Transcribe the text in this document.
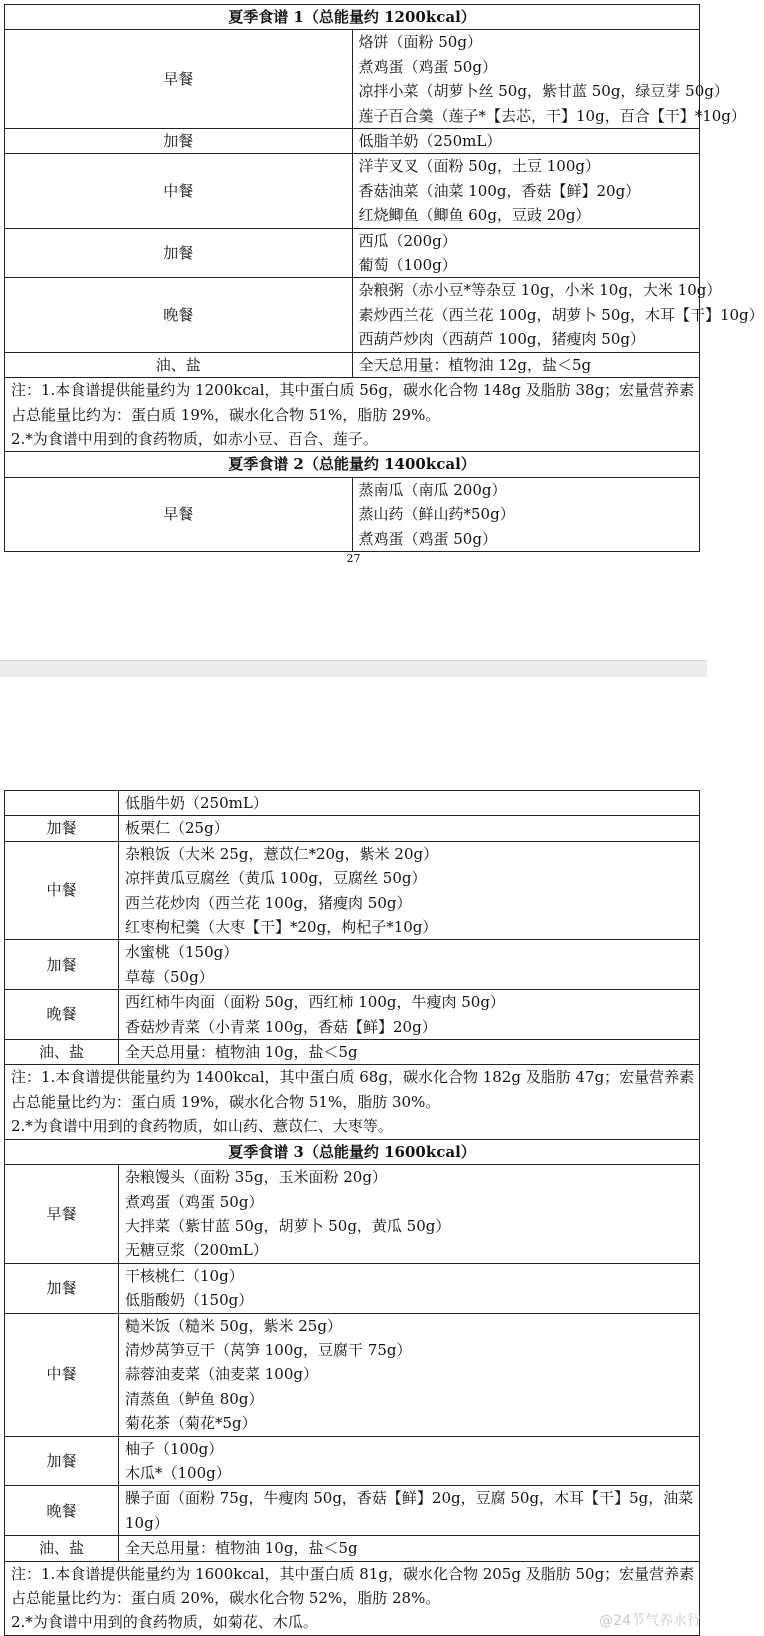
夏季食谱 1（总能量约 1200kcal）	
早餐	烙饼（面粉 50g）
煮鸡蛋（鸡蛋 50g）
凉拌小菜（胡萝卜丝 50g，紫甘蓝 50g，绿豆芽 50g）
莲子百合羹（莲子*【去芯，干】10g，百合【干】*10g）

加餐	低脂羊奶（250mL）

中餐	洋芋叉叉（面粉 50g，土豆 100g）
香菇油菜（油菜 100g，香菇【鲜】20g）
红烧鲫鱼（鲫鱼 60g，豆豉 20g）

加餐	西瓜（200g）
葡萄（100g）

晚餐	杂粮粥（赤小豆*等杂豆 10g，小米 10g，大米 10g）
素炒西兰花（西兰花 100g，胡萝卜 50g，木耳【干】10g）
西葫芦炒肉（西葫芦 100g，猪瘦肉 50g）

油、盐	全天总用量：植物油 12g，盐＜5g

注：1.本食谱提供能量约为 1200kcal，其中蛋白质 56g，碳水化合物 148g 及脂肪 38g；宏量营养素占总能量比约为：蛋白质 19%，碳水化合物 51%，脂肪 29%。
2.*为食谱中用到的食药物质，如赤小豆、百合、莲子。	

夏季食谱 2（总能量约 1400kcal）	
早餐	蒸南瓜（南瓜 200g）
蒸山药（鲜山药*50g）
煮鸡蛋（鸡蛋 50g）
27

	低脂牛奶（250mL）

加餐	板栗仁（25g）

中餐	杂粮饭（大米 25g，薏苡仁*20g，紫米 20g）
凉拌黄瓜豆腐丝（黄瓜 100g，豆腐丝 50g）
西兰花炒肉（西兰花 100g，猪瘦肉 50g）
红枣枸杞羹（大枣【干】*20g，枸杞子*10g）

加餐	水蜜桃（150g）
草莓（50g）

晚餐	西红柿牛肉面（面粉 50g，西红柿 100g，牛瘦肉 50g）
香菇炒青菜（小青菜 100g，香菇【鲜】20g）

油、盐	全天总用量：植物油 10g，盐＜5g

注：1.本食谱提供能量约为 1400kcal，其中蛋白质 68g，碳水化合物 182g 及脂肪 47g；宏量营养素占总能量比约为：蛋白质 19%，碳水化合物 51%，脂肪 30%。
2.*为食谱中用到的食药物质，如山药、薏苡仁、大枣等。	

夏季食谱 3（总能量约 1600kcal）	
早餐	杂粮馒头（面粉 35g，玉米面粉 20g）
煮鸡蛋（鸡蛋 50g）
大拌菜（紫甘蓝 50g，胡萝卜 50g，黄瓜 50g）
无糖豆浆（200mL）

加餐	干核桃仁（10g）
低脂酸奶（150g）

中餐	糙米饭（糙米 50g，紫米 25g）
清炒莴笋豆干（莴笋 100g，豆腐干 75g）
蒜蓉油麦菜（油麦菜 100g）
清蒸鱼（鲈鱼 80g）
菊花茶（菊花*5g）

加餐	柚子（100g）
木瓜*（100g）

晚餐	臊子面（面粉 75g，牛瘦肉 50g，香菇【鲜】20g，豆腐 50g，木耳【干】5g，油菜 10g）

油、盐	全天总用量：植物油 10g，盐＜5g

注：1.本食谱提供能量约为 1600kcal，其中蛋白质 81g，碳水化合物 205g 及脂肪 50g；宏量营养素占总能量比约为：蛋白质 20%，碳水化合物 52%，脂肪 28%。
2.*为食谱中用到的食药物质，如菊花、木瓜。		@24节气养水行
